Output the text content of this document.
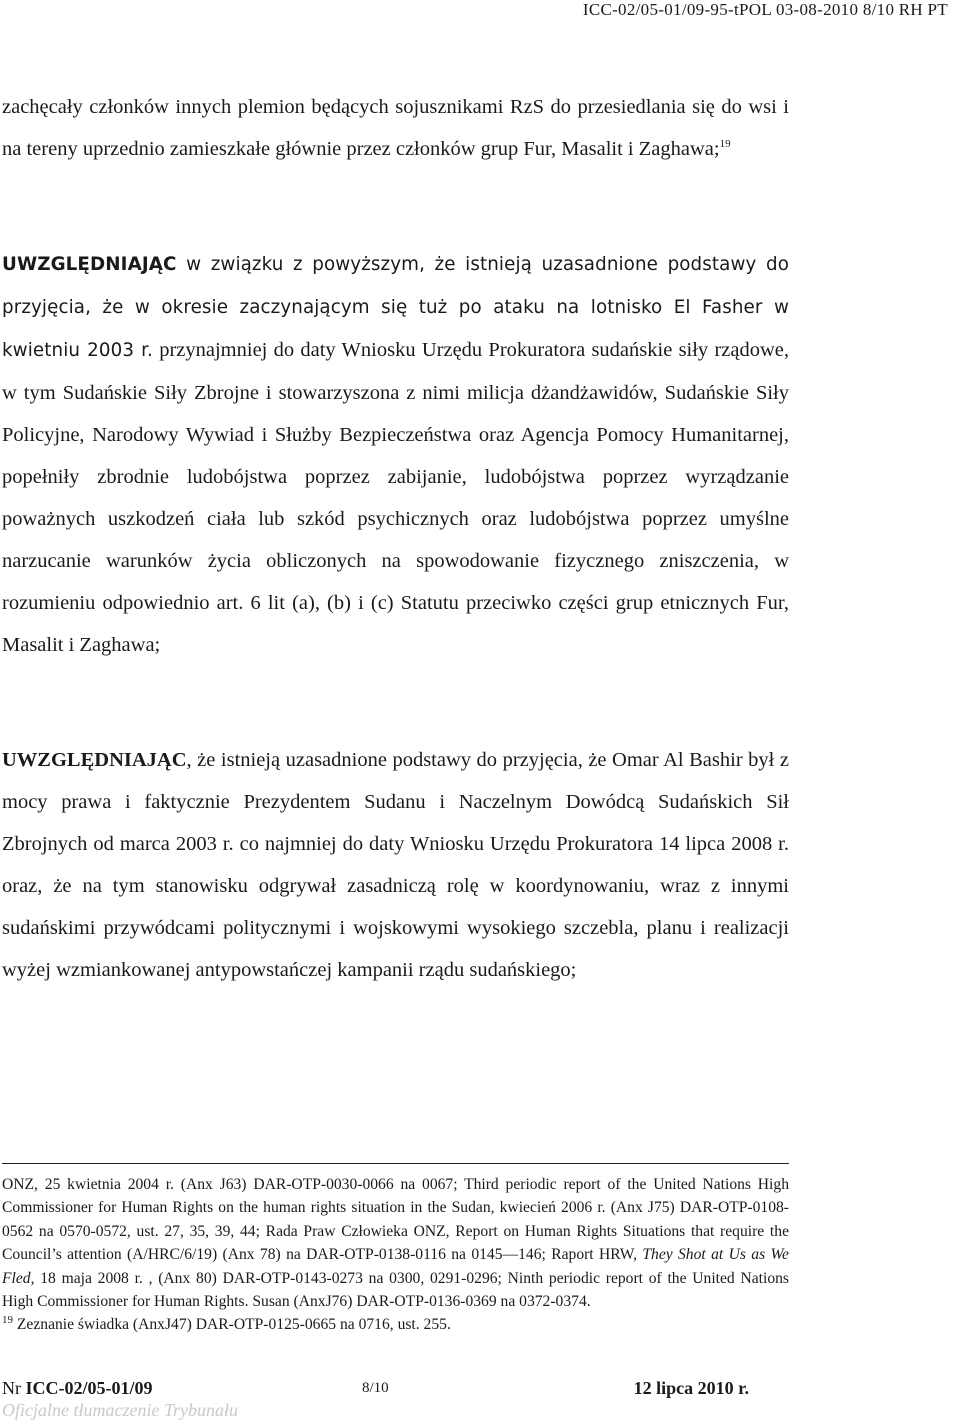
ICC-02/05-01/09-95-tPOL 03-08-2010 8/10 RH PT

zachęcały członków innych plemion będących sojusznikami RzS do przesiedlania się do wsi i na tereny uprzednio zamieszkałe głównie przez członków grup Fur, Masalit i Zaghawa;$^{19}$

UWZGLĘDNIAJĄC w związku z powyższym, że istnieją uzasadnione podstawy do przyjęcia, że w okresie zaczynającym się tuż po ataku na lotnisko El Fasher w kwietniu 2003 r. przynajmniej do daty Wniosku Urzędu Prokuratora sudańskie siły rządowe, w tym Sudańskie Siły Zbrojne i stowarzyszona z nimi milicja dżandżawidów, Sudańskie Siły Policyjne, Narodowy Wywiad i Służby Bezpieczeństwa oraz Agencja Pomocy Humanitarnej, popełniły zbrodnie ludobójstwa poprzez zabijanie, ludobójstwa poprzez wyrządzanie poważnych uszkodzeń ciała lub szkód psychicznych oraz ludobójstwa poprzez umyślne narzucanie warunków życia obliczonych na spowodowanie fizycznego zniszczenia, w rozumieniu odpowiednio art. 6 lit (a), (b) i (c) Statutu przeciwko części grup etnicznych Fur, Masalit i Zaghawa;

UWZGLĘDNIAJĄC, że istnieją uzasadnione podstawy do przyjęcia, że Omar Al Bashir był z mocy prawa i faktycznie Prezydentem Sudanu i Naczelnym Dowódcą Sudańskich Sił Zbrojnych od marca 2003 r. co najmniej do daty Wniosku Urzędu Prokuratora 14 lipca 2008 r. oraz, że na tym stanowisku odgrywał zasadniczą rolę w koordynowaniu, wraz z innymi sudańskimi przywódcami politycznymi i wojskowymi wysokiego szczebla, planu i realizacji wyżej wzmiankowanej antypowstańczej kampanii rządu sudańskiego;

ONZ, 25 kwietnia 2004 r. (Anx J63) DAR-OTP-0030-0066 na 0067; Third periodic report of the United Nations High Commissioner for Human Rights on the human rights situation in the Sudan, kwiecień 2006 r. (Anx J75) DAR-OTP-0108-0562 na 0570-0572, ust. 27, 35, 39, 44; Rada Praw Człowieka ONZ, Report on Human Rights Situations that require the Council’s attention (A/HRC/6/19) (Anx 78) na DAR-OTP-0138-0116 na 0145—146; Raport HRW, They Shot at Us as We Fled, 18 maja 2008 r. , (Anx 80) DAR-OTP-0143-0273 na 0300, 0291-0296; Ninth periodic report of the United Nations High Commissioner for Human Rights. Susan (AnxJ76) DAR-OTP-0136-0369 na 0372-0374.

$^{19}$ Zeznanie świadka (AnxJ47) DAR-OTP-0125-0665 na 0716, ust. 255.

Nr ICC-02/05-01/09	8/10	12 lipca 2010 r.
Oficjalne tłumaczenie Trybunału
